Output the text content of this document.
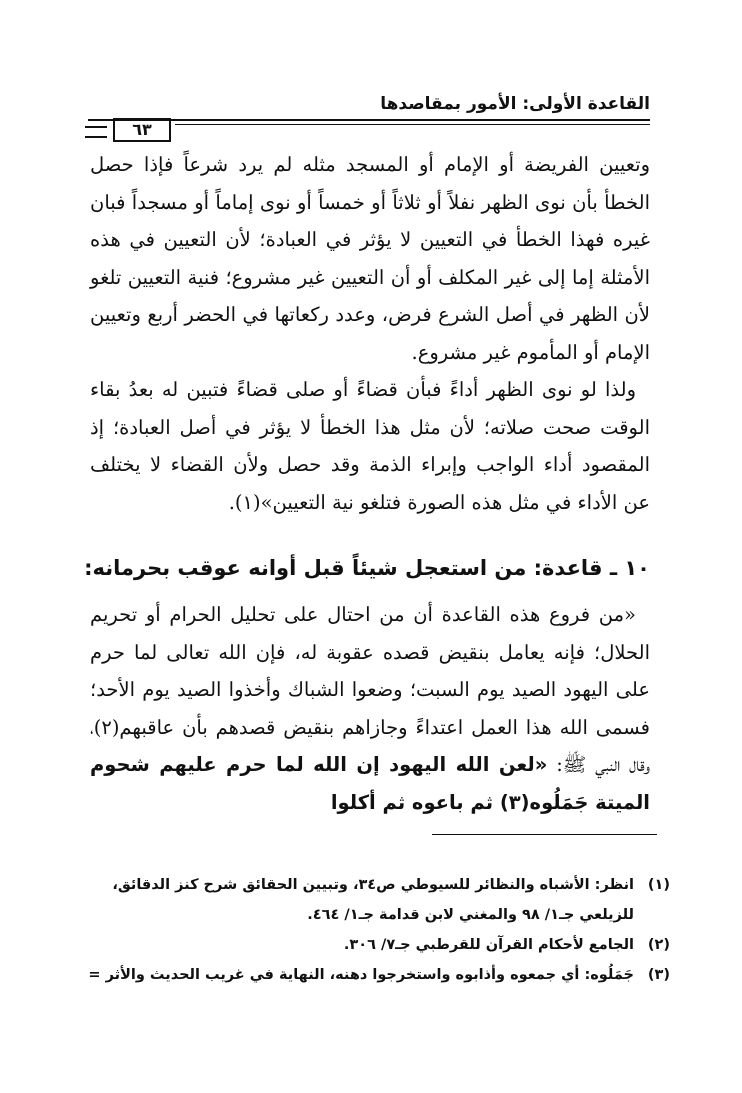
القاعدة الأولى: الأمور بمقاصدها
٦٣

وتعيين الفريضة أو الإمام أو المسجد مثله لم يرد شرعاً فإذا حصل الخطأ بأن نوى الظهر نفلاً أو ثلاثاً أو خمساً أو نوى إماماً أو مسجداً فبان غيره فهذا الخطأ في التعيين لا يؤثر في العبادة؛ لأن التعيين في هذه الأمثلة إما إلى غير المكلف أو أن التعيين غير مشروع؛ فنية التعيين تلغو لأن الظهر في أصل الشرع فرض، وعدد ركعاتها في الحضر أربع وتعيين الإمام أو المأموم غير مشروع.

ولذا لو نوى الظهر أداءً فبأن قضاءً أو صلى قضاءً فتبين له بعدُ بقاء الوقت صحت صلاته؛ لأن مثل هذا الخطأ لا يؤثر في أصل العبادة؛ إذ المقصود أداء الواجب وإبراء الذمة وقد حصل ولأن القضاء لا يختلف عن الأداء في مثل هذه الصورة فتلغو نية التعيين»(١).

١٠ ـ قاعدة: من استعجل شيئاً قبل أوانه عوقب بحرمانه:

«من فروع هذه القاعدة أن من احتال على تحليل الحرام أو تحريم الحلال؛ فإنه يعامل بنقيض قصده عقوبة له، فإن الله تعالى لما حرم على اليهود الصيد يوم السبت؛ وضعوا الشباك وأخذوا الصيد يوم الأحد؛ فسمى الله هذا العمل اعتداءً وجازاهم بنقيض قصدهم بأن عاقبهم(٢)، وقال النبي ﷺ: «لعن الله اليهود إن الله لما حرم عليهم شحوم الميتة جَمَلُوه(٣) ثم باعوه ثم أكلوا

(١)
انظر: الأشباه والنظائر للسيوطي ص٣٤، وتبيين الحقائق شرح كنز الدقائق، للزيلعي جـ١/ ٩٨ والمغني لابن قدامة جـ١/ ٤٦٤.
(٢)
الجامع لأحكام القرآن للقرطبي جـ٧/ ٣٠٦.
(٣)
جَمَلُوه: أي جمعوه وأذابوه واستخرجوا دهنه، النهاية في غريب الحديث والأثر =
